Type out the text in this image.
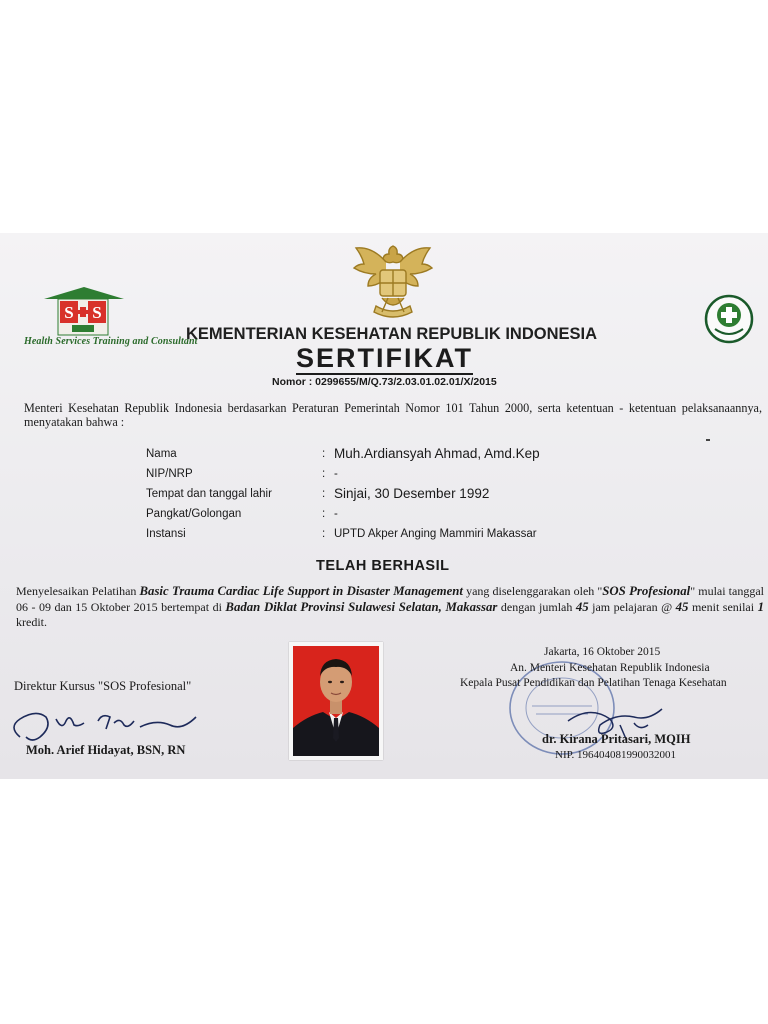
S S
Health Services Training and Consultant
KEMENTERIAN KESEHATAN REPUBLIK INDONESIA
SERTIFIKAT
Nomor : 0299655/M/Q.73/2.03.01.02.01/X/2015
Menteri Kesehatan Republik Indonesia berdasarkan Peraturan Pemerintah Nomor 101 Tahun 2000, serta ketentuan - ketentuan pelaksanaannya, menyatakan bahwa :
Nama	: Muh.Ardiansyah Ahmad, Amd.Kep
NIP/NRP	: -
Tempat dan tanggal lahir	: Sinjai, 30 Desember 1992
Pangkat/Golongan	: -
Instansi	: UPTD Akper Anging Mammiri Makassar
TELAH BERHASIL
Menyelesaikan Pelatihan Basic Trauma Cardiac Life Support in Disaster Management yang diselenggarakan oleh "SOS Profesional" mulai tanggal 06 - 09 dan 15 Oktober 2015 bertempat di Badan Diklat Provinsi Sulawesi Selatan, Makassar dengan jumlah 45 jam pelajaran @ 45 menit senilai 1 kredit.
Direktur Kursus "SOS Profesional"
Moh. Arief Hidayat, BSN, RN
Jakarta, 16 Oktober 2015
An. Menteri Kesehatan Republik Indonesia
Kepala Pusat Pendidikan dan Pelatihan Tenaga Kesehatan
dr. Kirana Pritasari, MQIH
NIP. 196404081990032001
